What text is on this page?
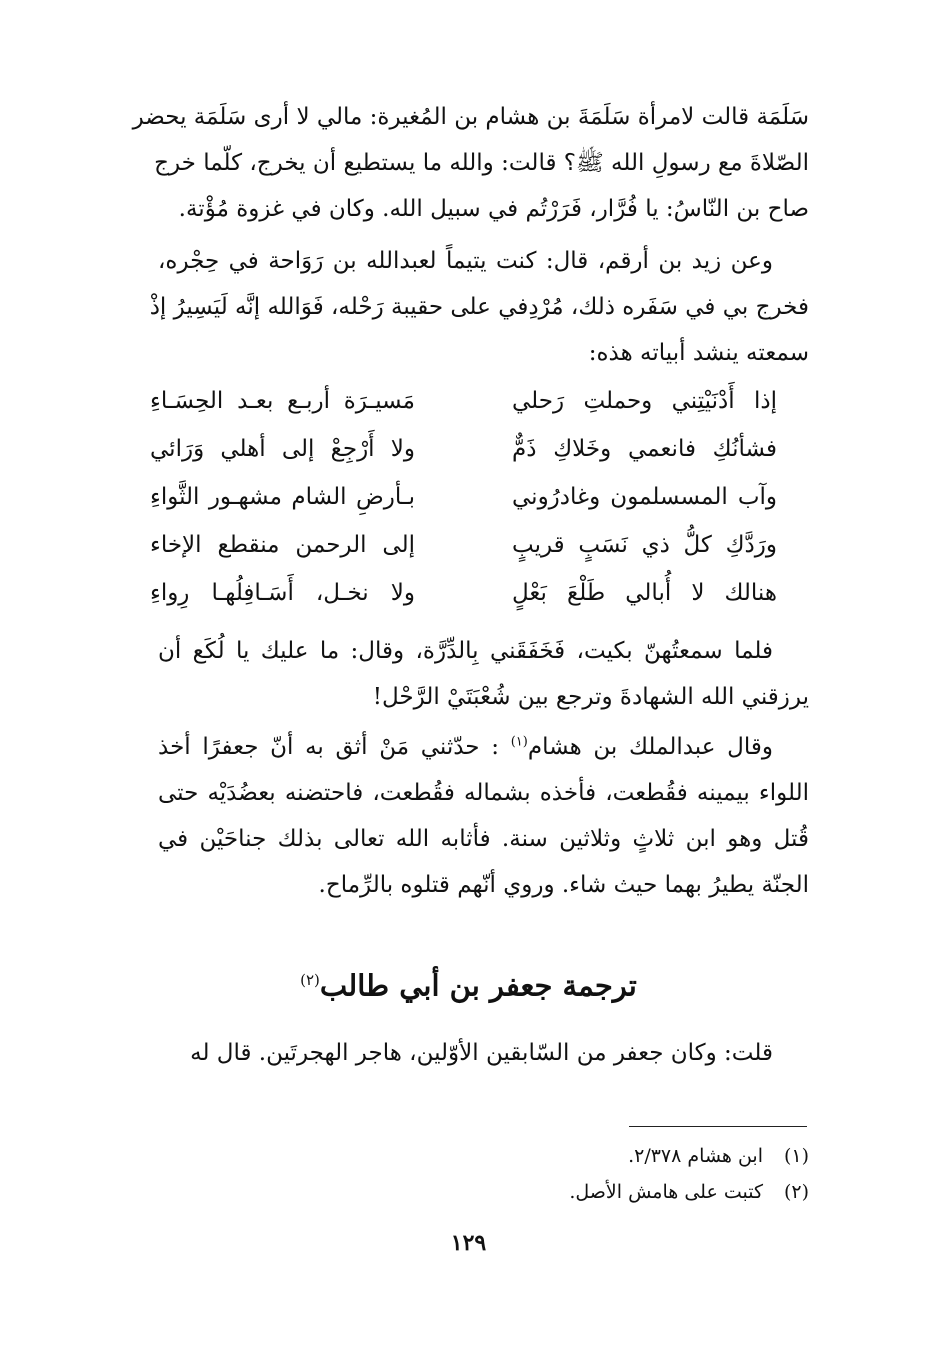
سَلَمَة قالت لامرأة سَلَمَةَ بن هشام بن المُغيرة: مالي لا أرى سَلَمَة يحضر
الصّلاةَ مع رسولِ الله ﷺ؟ قالت: والله ما يستطيع أن يخرج، كلّما خرج
صاح بن النّاسُ: يا فُرَّار، فَرَرْتُم في سبيل الله. وكان في غزوة مُؤْتة.
وعن زيد بن أرقم، قال: كنت يتيماً لعبدالله بن رَوَاحة في حِجْره،
فخرج بي في سَفَره ذلك، مُرْدِفي على حقيبة رَحْله، فَوَالله إنَّه لَيَسِيرُ إذْ
سمعته ينشد أبياته هذه:
إذا أَدْنَيْتِني وحملتِ رَحلي
مَسيـرَة أربـع بعـد الحِسَـاءِ
فشأنُكِ فانعمي وخَلاكِ ذَمٌّ
ولا أَرْجِعْ إلى أهلي وَرَائي
وآب المسسلمون وغادرُوني
بـأرضِ الشام مشهـور الثَّواءِ
ورَدَّكِ كلُّ ذي نَسَبٍ قريبٍ
إلى الرحمن منقطع الإخاء
هنالك لا أُبالي طَلْعَ بَعْلٍ
ولا نخـل، أَسَـافِلُهـا رِواءِ
فلما سمعتُهنّ بكيت، فَخَفَقَني بِالدِّرَّة، وقال: ما عليك يا لُكَع أن
يرزقني الله الشهادةَ وترجع بين شُعْبَتَيْ الرَّحْل!
وقال عبدالملك بن هشام$^{(١)}$ : حدّثني مَنْ أثق به أنّ جعفرًا أخذ
اللواء بيمينه فقُطعت، فأخذه بشماله فقُطعت، فاحتضنه بعضُدَيْه حتى
قُتل وهو ابن ثلاثٍ وثلاثين سنة. فأثابه الله تعالى بذلك جناحَيْن في
الجنّة يطيرُ بهما حيث شاء. وروي أنّهم قتلوه بالرِّماح.
ترجمة جعفر بن أبي طالب$^{(٢)}$
قلت: وكان جعفر من السّابقين الأوّلين، هاجر الهجرتَين. قال له
(١)
ابن هشام ٢/٣٧٨.
(٢)
كتبت على هامش الأصل.
١٢٩
